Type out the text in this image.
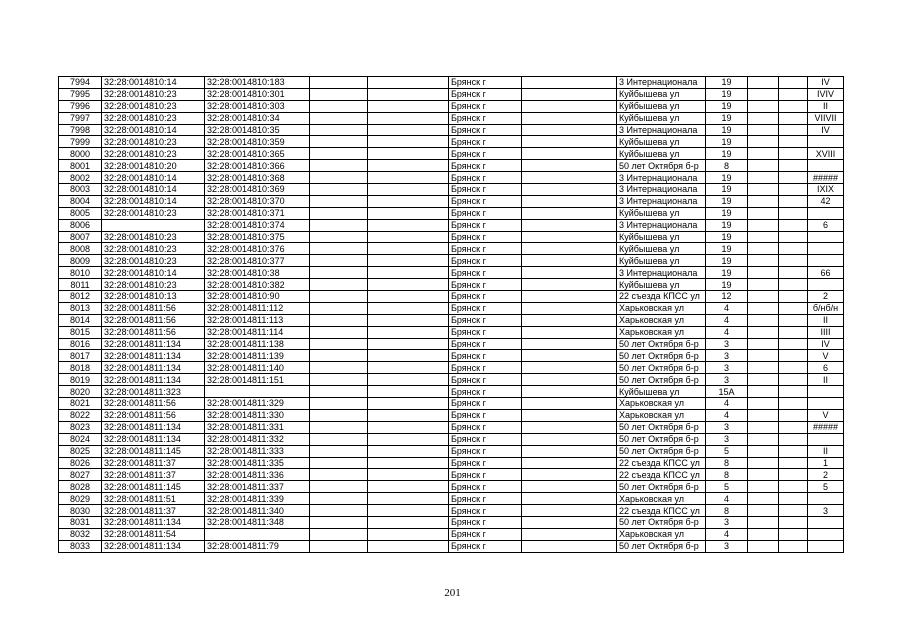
7994	32:28:0014810:14	32:28:0014810:183			Брянск г		3 Интернационала	19			IV
7995	32:28:0014810:23	32:28:0014810:301			Брянск г		Куйбышева ул	19			IVIV
7996	32:28:0014810:23	32:28:0014810:303			Брянск г		Куйбышева ул	19			II
7997	32:28:0014810:23	32:28:0014810:34			Брянск г		Куйбышева ул	19			VIIVII
7998	32:28:0014810:14	32:28:0014810:35			Брянск г		3 Интернационала	19			IV
7999	32:28:0014810:23	32:28:0014810:359			Брянск г		Куйбышева ул	19			
8000	32:28:0014810:23	32:28:0014810:365			Брянск г		Куйбышева ул	19			XVIII
8001	32:28:0014810:20	32:28:0014810:366			Брянск г		50 лет Октября б-р	8			
8002	32:28:0014810:14	32:28:0014810:368			Брянск г		3 Интернационала	19			#####
8003	32:28:0014810:14	32:28:0014810:369			Брянск г		3 Интернационала	19			IXIX
8004	32:28:0014810:14	32:28:0014810:370			Брянск г		3 Интернационала	19			42
8005	32:28:0014810:23	32:28:0014810:371			Брянск г		Куйбышева ул	19			
8006		32:28:0014810:374			Брянск г		3 Интернационала	19			6
8007	32:28:0014810:23	32:28:0014810:375			Брянск г		Куйбышева ул	19			
8008	32:28:0014810:23	32:28:0014810:376			Брянск г		Куйбышева ул	19			
8009	32:28:0014810:23	32:28:0014810:377			Брянск г		Куйбышева ул	19			
8010	32:28:0014810:14	32:28:0014810:38			Брянск г		3 Интернационала	19			66
8011	32:28:0014810:23	32:28:0014810:382			Брянск г		Куйбышева ул	19			
8012	32:28:0014810:13	32:28:0014810:90			Брянск г		22 съезда КПСС ул	12			2
8013	32:28:0014811:56	32:28:0014811:112			Брянск г		Харьковская ул	4			б/нб/н
8014	32:28:0014811:56	32:28:0014811:113			Брянск г		Харьковская ул	4			II
8015	32:28:0014811:56	32:28:0014811:114			Брянск г		Харьковская ул	4			IIII
8016	32:28:0014811:134	32:28:0014811:138			Брянск г		50 лет Октября б-р	3			IV
8017	32:28:0014811:134	32:28:0014811:139			Брянск г		50 лет Октября б-р	3			V
8018	32:28:0014811:134	32:28:0014811:140			Брянск г		50 лет Октября б-р	3			6
8019	32:28:0014811:134	32:28:0014811:151			Брянск г		50 лет Октября б-р	3			II
8020	32:28:0014811:323				Брянск г		Куйбышева ул	15А			
8021	32:28:0014811:56	32:28:0014811:329			Брянск г		Харьковская ул	4			
8022	32:28:0014811:56	32:28:0014811:330			Брянск г		Харьковская ул	4			V
8023	32:28:0014811:134	32:28:0014811:331			Брянск г		50 лет Октября б-р	3			#####
8024	32:28:0014811:134	32:28:0014811:332			Брянск г		50 лет Октября б-р	3			
8025	32:28:0014811:145	32:28:0014811:333			Брянск г		50 лет Октября б-р	5			II
8026	32:28:0014811:37	32:28:0014811:335			Брянск г		22 съезда КПСС ул	8			1
8027	32:28:0014811:37	32:28:0014811:336			Брянск г		22 съезда КПСС ул	8			2
8028	32:28:0014811:145	32:28:0014811:337			Брянск г		50 лет Октября б-р	5			5
8029	32:28:0014811:51	32:28:0014811:339			Брянск г		Харьковская ул	4			
8030	32:28:0014811:37	32:28:0014811:340			Брянск г		22 съезда КПСС ул	8			3
8031	32:28:0014811:134	32:28:0014811:348			Брянск г		50 лет Октября б-р	3			
8032	32:28:0014811:54				Брянск г		Харьковская ул	4			
8033	32:28:0014811:134	32:28:0014811:79			Брянск г		50 лет Октября б-р	3			
201
